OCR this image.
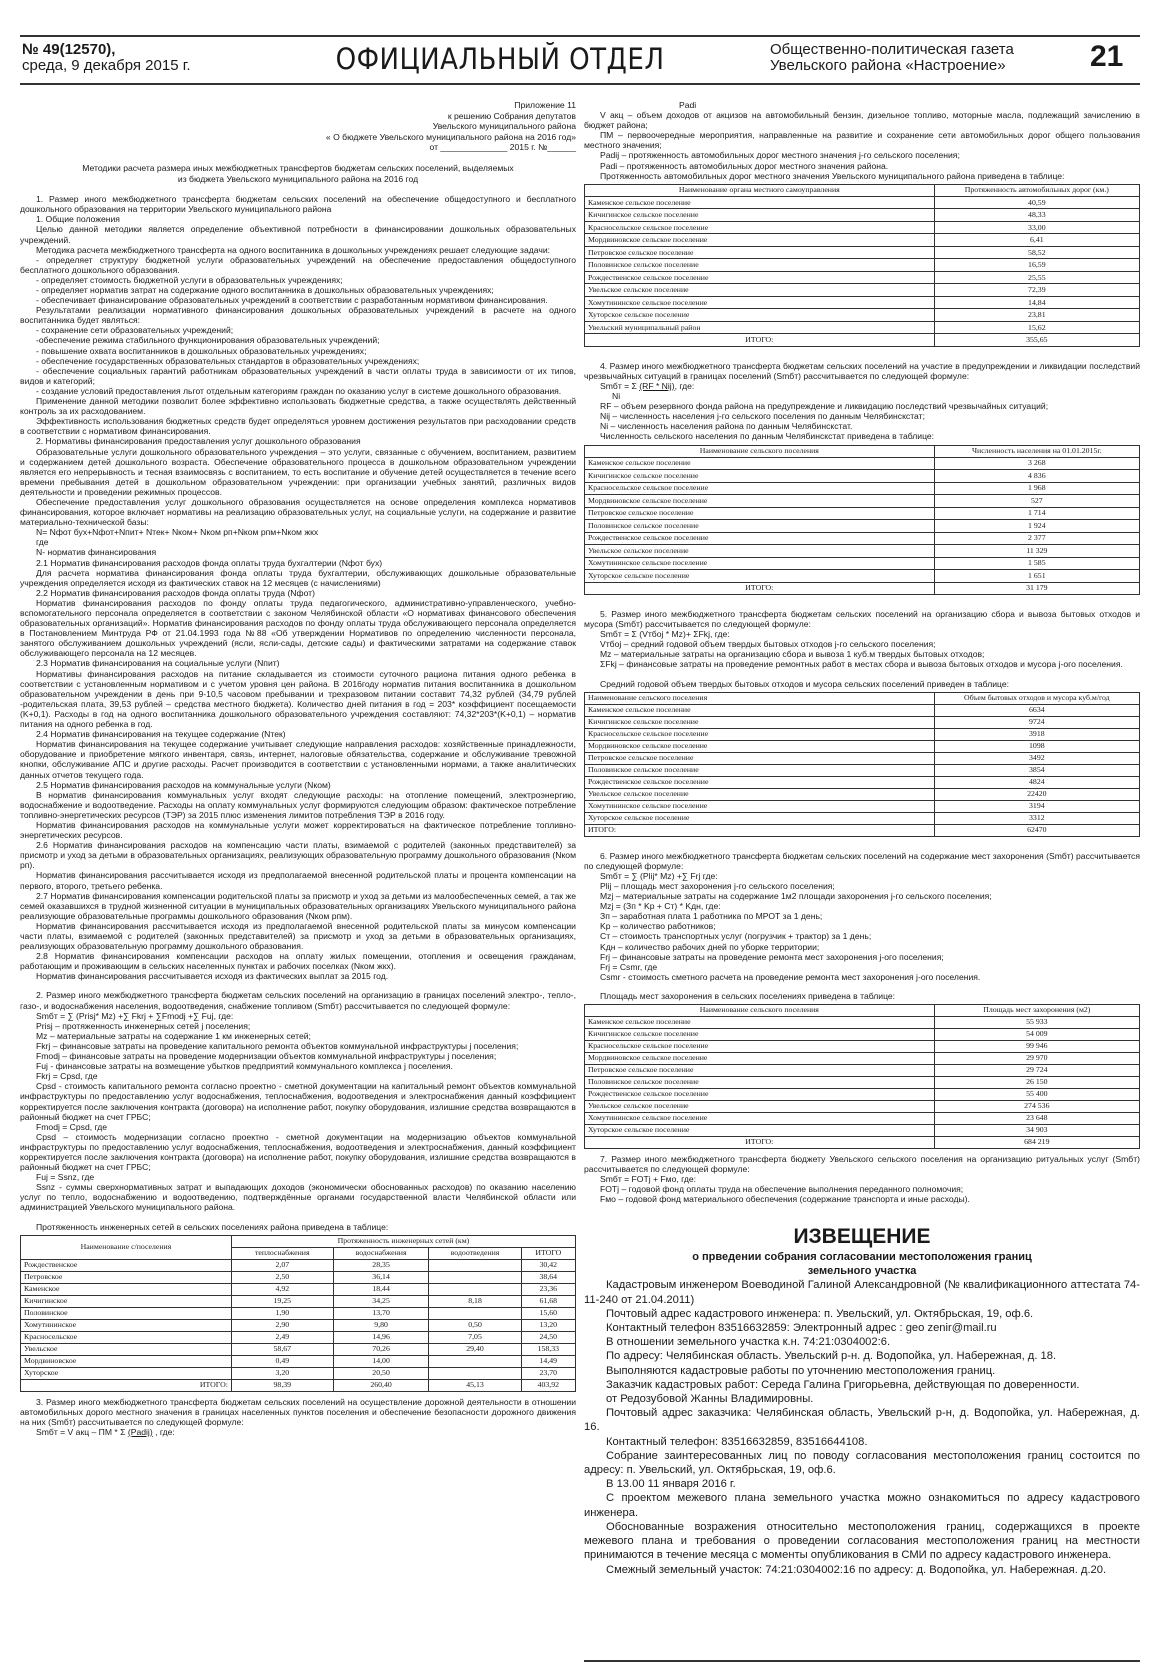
№ 49(12570),
среда, 9 декабря 2015 г.	ОФИЦИАЛЬНЫЙ ОТДЕЛ	Общественно-политическая газета
Увельского района «Настроение»	21
Приложение 11
к решению Собрания депутатов
Увельского муниципального района
« О бюджете Увельского муниципального района на 2016 год»
от ______________ 2015 г. №______
Методики расчета размера иных межбюджетных трансфертов бюджетам сельских поселений, выделяемых
из бюджета Увельского муниципального района на 2016 год

1. Размер иного межбюджетного трансферта бюджетам сельских поселений на обеспечение общедоступного и бесплатного дошкольного образования на территории Увельского муниципального района

1. Общие положения

Целью данной методики является определение объективной потребности в финансировании дошкольных образовательных учреждений.

Методика расчета межбюджетного трансферта на одного воспитанника в дошкольных учреждениях решает следующие задачи:

- определяет структуру бюджетной услуги образовательных учреждений на обеспечение предоставления общедоступного бесплатного дошкольного образования.

- определяет стоимость бюджетной услуги в образовательных учреждениях;

- определяет норматив затрат на содержание одного воспитанника в дошкольных образовательных учреждениях;

- обеспечивает финансирование образовательных учреждений в соответствии с разработанным нормативом финансирования.

Результатами реализации нормативного финансирования дошкольных образовательных учреждений в расчете на одного воспитанника будет являться:

- сохранение сети образовательных учреждений;

-обеспечение режима стабильного функционирования образовательных учреждений;

- повышение охвата воспитанников в дошкольных образовательных учреждениях;

- обеспечение государственных образовательных стандартов в образовательных учреждениях;

- обеспечение социальных гарантий работникам образовательных учреждений в части оплаты труда в зависимости от их типов, видов и категорий;

- создание условий предоставления льгот отдельным категориям граждан по оказанию услуг в системе дошкольного образования.

Применение данной методики позволит более эффективно использовать бюджетные средства, а также осуществлять действенный контроль за их расходованием.

Эффективность использования бюджетных средств будет определяться уровнем достижения результатов при расходовании средств в соответствии с нормативом финансирования.

2. Нормативы финансирования предоставления услуг дошкольного образования

Образовательные услуги дошкольного образовательного учреждения – это услуги, связанные с обучением, воспитанием, развитием и содержанием детей дошкольного возраста. Обеспечение образовательного процесса в дошкольном образовательном учреждении является его непрерывность и тесная взаимосвязь с воспитанием, то есть воспитание и обучение детей осуществляется в течение всего времени пребывания детей в дошкольном образовательном учреждении: при организации учебных занятий, различных видов деятельности и проведении режимных процессов.

Обеспечение предоставления услуг дошкольного образования осуществляется на основе определения комплекса нормативов финансирования, которое включает нормативы на реализацию образовательных услуг, на социальные услуги, на содержание и развитие материально-технической базы:

N= Nфот бух+Nфот+Nпит+ Nтек+ Nком+ Nком рп+Nком рпм+Nком жкх

где

N- норматив финансирования

2.1 Норматив финансирования расходов фонда оплаты труда бухгалтерии (Nфот бух)

Для расчета норматива финансирования фонда оплаты труда бухгалтерии, обслуживающих дошкольные образовательные учреждения определяется исходя из фактических ставок на 12 месяцев (с начислениями)

2.2 Норматив финансирования расходов фонда оплаты труда (Nфот)

Норматив финансирования расходов по фонду оплаты труда педагогического, административно-управленческого, учебно-вспомогательного персонала определяется в соответствии с законом Челябинской области «О нормативах финансового обеспечения образовательных организаций». Норматив финансирования расходов по фонду оплаты труда обслуживающего персонала определяется в Постановлением Минтруда РФ от 21.04.1993 года №88 «Об утверждении Нормативов по определению численности персонала, занятого обслуживанием дошкольных учреждений (ясли, ясли-сады, детские сады) и фактическими затратами на содержание ставок обслуживающего персонала на 12 месяцев.

2.3 Норматив финансирования на социальные услуги (Nпит)

Нормативы финансирования расходов на питание складывается из стоимости суточного рациона питания одного ребенка в соответствии с установленным нормативом и с учетом уровня цен района. В 2016году норматив питания воспитанника в дошкольном образовательном учреждении в день при 9-10,5 часовом пребывании и трехразовом питании составит 74,32 рублей (34,79 рублей -родительская плата, 39,53 рублей – средства местного бюджета). Количество дней питания в год = 203* коэффициент посещаемости (K+0,1). Расходы в год на одного воспитанника дошкольного образовательного учреждения составляют: 74,32*203*(K+0,1) – норматив питания на одного ребенка в год.

2.4 Норматив финансирования на текущее содержание (Nтек)

Норматив финансирования на текущее содержание учитывает следующие направления расходов: хозяйственные принадлежности, оборудование и приобретение мягкого инвентаря, связь, интернет, налоговые обязательства, содержание и обслуживание тревожной кнопки, обслуживание АПС и другие расходы. Расчет производится в соответствии с установленными нормами, а также аналитических данных отчетов текущего года.

2.5 Норматив финансирования расходов на коммунальные услуги (Nком)

В норматив финансирования коммунальных услуг входят следующие расходы: на отопление помещений, электроэнергию, водоснабжение и водоотведение. Расходы на оплату коммунальных услуг формируются следующим образом: фактическое потребление топливно-энергетических ресурсов (ТЭР) за 2015 плюс изменения лимитов потребления ТЭР в 2016 году.

Норматив финансирования расходов на коммунальные услуги может корректироваться на фактическое потребление топливно-энергетических ресурсов.

2.6 Норматив финансирования расходов на компенсацию части платы, взимаемой с родителей (законных представителей) за присмотр и уход за детьми в образовательных организациях, реализующих образовательную программу дошкольного образования (Nком рп).

Норматив финансирования рассчитывается исходя из предполагаемой внесенной родительской платы и процента компенсации на первого, второго, третьего ребенка.

2.7 Норматив финансирования компенсации родительской платы за присмотр и уход за детьми из малообеспеченных семей, а так же семей оказавшихся в трудной жизненной ситуации в муниципальных образовательных организациях Увельского муниципального района реализующие образовательные программы дошкольного образования (Nком рпм).

Норматив финансирования рассчитывается исходя из предполагаемой внесенной родительской платы за минусом компенсации части платы, взимаемой с родителей (законных представителей) за присмотр и уход за детьми в образовательных организациях, реализующих образовательную программу дошкольного образования.

2.8 Норматив финансирования компенсации расходов на оплату жилых помещении, отопления и освещения гражданам, работающим и проживающим в сельских населенных пунктах и рабочих поселках (Nком жкх).

Норматив финансирования рассчитывается исходя из фактических выплат за 2015 год.

2. Размер иного межбюджетного трансферта бюджетам сельских поселений на организацию в границах поселений электро-, тепло-, газо-, и водоснабжения населения, водоотведения, снабжение топливом (Smбт) рассчитывается по следующей формуле:

Smбт = ∑ (Prisj* Mz) +∑ Fkrj + ∑Fmodj +∑ Fuj, где:

Prisj – протяженность инженерных сетей j поселения;

Mz – материальные затраты на содержание 1 км инженерных сетей;

Fkrj – финансовые затраты на проведение капитального ремонта объектов коммунальной инфраструктуры j поселения;

Fmodj – финансовые затраты на проведение модернизации объектов коммунальной инфраструктуры j поселения;

Fuj - финансовые затраты на возмещение убытков предприятий коммунального комплекса j поселения.

Fkrj = Cpsd, где

Cpsd - стоимость капитального ремонта согласно проектно - сметной документации на капитальный ремонт объектов коммунальной инфраструктуры по предоставлению услуг водоснабжения, теплоснабжения, водоотведения и электроснабжения данный коэффициент корректируется после заключения контракта (договора) на исполнение работ, покупку оборудования, излишние средства возвращаются в районный бюджет на счет ГРБС;

Fmodj = Cpsd, где

Cpsd – стоимость модернизации согласно проектно - сметной документации на модернизацию объектов коммунальной инфраструктуры по предоставлению услуг водоснабжения, теплоснабжения, водоотведения и электроснабжения, данный коэффициент корректируется после заключения контракта (договора) на исполнение работ, покупку оборудования, излишние средства возвращаются в районный бюджет на счет ГРБС;

Fuj = Ssnz, где

Ssnz - суммы сверхнормативных затрат и выпадающих доходов (экономически обоснованных расходов) по оказанию населению услуг по тепло, водоснабжению и водоотведению, подтверждённые органами государственной власти Челябинской области или администрацией Увельского муниципального района.

Протяженность инженерных сетей в сельских поселениях района приведена в таблице:

Наименование с/поселения	Протяженность инженерных сетей (км)			
	теплоснабжения	водоснабжения	водоотведения	ИТОГО
Рождественское	2,07	28,35		30,42
Петровское	2,50	36,14		38,64
Каменское	4,92	18,44		23,36
Кичигинское	19,25	34,25	8,18	61,68
Половинское	1,90	13,70		15,60
Хомутининское	2,90	9,80	0,50	13,20
Красносельское	2,49	14,96	7,05	24,50
Увельское	58,67	70,26	29,40	158,33
Мордвиновское	0,49	14,00		14,49
Хуторское	3,20	20,50		23,70
ИТОГО:	98,39	260,40	45,13	403,92

3. Размер иного межбюджетного трансферта бюджетам сельских поселений на осуществление дорожной деятельности в отношении автомобильных дорого местного значения в границах населенных пунктов поселения и обеспечение безопасности дорожного движения на них (Smбт) рассчитывается по следующей формуле:

Smбт = V акц – ПМ * Σ (Padij) , где:

Padi

V акц – объем доходов от акцизов на автомобильный бензин, дизельное топливо, моторные масла, подлежащий зачислению в бюджет района;

ПМ – первоочередные мероприятия, направленные на развитие и сохранение сети автомобильных дорог общего пользования местного значения;

Padij – протяженность автомобильных дорог местного значения j-го сельского поселения;

Padi – протяженность автомобильных дорог местного значения района.

Протяженность автомобильных дорог местного значения Увельского муниципального района приведена в таблице:

Наименование органа местного самоуправления	Протяженность автомобильных дорог (км.)
Каменское сельское поселение	40,59
Кичигинское сельское поселение	48,33
Красносельское сельское поселение	33,00
Мордвиновское сельское поселение	6,41
Петровское сельское поселение	58,52
Половинское сельское поселение	16,59
Рождественское сельское поселение	25,55
Увельское сельское поселение	72,39
Хомутининское сельское поселение	14,84
Хуторское сельское поселение	23,81
Увельский муниципальный район	15,62
ИТОГО:	355,65

4. Размер иного межбюджетного трансферта бюджетам сельских поселений на участие в предупреждении и ликвидации последствий чрезвычайных ситуаций в границах поселений (Smбт) рассчитывается по следующей формуле:

Smбт = Σ (RF * Nij), где:

Ni

RF – объем резервного фонда района на предупреждение и ликвидацию последствий чрезвычайных ситуаций;

Nij – численность населения j-го сельского поселения по данным Челябинскстат;

Ni – численность населения района по данным Челябинскстат.

Численность сельского населения по данным Челябинскстат приведена в таблице:

Наименование сельского поселения	Численность населения на 01.01.2015г.
Каменское сельское поселение	3 268
Кичигинское сельское поселение	4 836
Красносельское сельское поселение	1 968
Мордвиновское сельское поселение	527
Петровское сельское поселение	1 714
Половинское сельское поселение	1 924
Рождественское сельское поселение	2 377
Увельское сельское поселение	11 329
Хомутининское сельское поселение	1 585
Хуторское сельское поселение	1 651
ИТОГО:	31 179

5. Размер иного межбюджетного трансферта бюджетам сельских поселений на организацию сбора и вывоза бытовых отходов и мусора (Smбт) рассчитывается по следующей формуле:

Smбт = Σ (Vтбоj * Mz)+ ΣFkj, где:

Vтбоj – средний годовой объем твердых бытовых отходов j-го сельского поселения;

Mz – материальные затраты на организацию сбора и вывоза 1 куб.м твердых бытовых отходов;

ΣFkj – финансовые затраты на проведение ремонтных работ в местах сбора и вывоза бытовых отходов и мусора j-ого поселения.

Средний годовой объем твердых бытовых отходов и мусора сельских поселений приведен в таблице:

Наименование сельского поселения	Объем бытовых отходов и мусора куб.м/год
Каменское сельское поселение	6634
Кичигинское сельское поселение	9724
Красносельское сельское поселение	3918
Мордвиновское сельское поселение	1098
Петровское сельское поселение	3492
Половинское сельское поселение	3854
Рождественское сельское поселение	4824
Увельское сельское поселение	22420
Хомутининское сельское поселение	3194
Хуторское сельское поселение	3312
ИТОГО:	62470

6. Размер иного межбюджетного трансферта бюджетам сельских поселений на содержание мест захоронения (Smбт) рассчитывается по следующей формуле:

Smбт = ∑ (Plij* Mz) +∑ Frj где:

Plij – площадь мест захоронения j-го сельского поселения;

Mzj – материальные затраты на содержание 1м2 площади захоронения j-го сельского поселения;

Mzj = (Зп * Kp + Cт) * Kдн, где:

Зп – заработная плата 1 работника по МРОТ за 1 день;

Kp – количество работников;

Cт – стоимость транспортных услуг (погрузчик + трактор) за 1 день;

Kдн – количество рабочих дней по уборке территории;

Frj – финансовые затраты на проведение ремонта мест захоронения j-ого поселения;

Frj = Csmr, где

Csmr - стоимость сметного расчета на проведение ремонта мест захоронения j-ого поселения.

Площадь мест захоронения в сельских поселениях приведена в таблице:

Наименование сельского поселения	Площадь мест захоронения (м2)
Каменское сельское поселение	55 933
Кичигинское сельское поселение	54 009
Красносельское сельское поселение	99 946
Мордвиновское сельское поселение	29 970
Петровское сельское поселение	29 724
Половинское сельское поселение	26 150
Рождественское сельское поселение	55 400
Увельское сельское поселение	274 536
Хомутининское сельское поселение	23 648
Хуторское сельское поселение	34 903
ИТОГО:	684 219

7. Размер иного межбюджетного трансферта бюджету Увельского сельского поселения на организацию ритуальных услуг (Smбт) рассчитывается по следующей формуле:

Smбт = FOTj + Fмо, где:

FOTj – годовой фонд оплаты труда на обеспечение выполнения переданного полномочия;

Fмо – годовой фонд материального обеспечения (содержание транспорта и иные расходы).

ИЗВЕЩЕНИЕ
о прведении собрания согласовании местоположения границ
земельного участка

Кадастровым инженером Воеводиной Галиной Александровной (№ квалификационного аттестата 74-11-240 от 21.04.2011)

Почтовый адрес кадастрового инженера: п. Увельский, ул. Октябрьская, 19, оф.6.

Контактный телефон 83516632859: Электронный адрес : geo zenir@mail.ru

В отношении земельного участка к.н. 74:21:0304002:6.

По адресу: Челябинская область. Увельский р-н. д. Водопойка, ул. Набережная, д. 18.

Выполняются кадастровые работы по уточнению местоположения границ.

Заказчик кадастровых работ: Середа Галина Григорьевна, действующая по доверенности.

от Редозубовой Жанны Владимировны.

Почтовый адрес заказчика: Челябинская область, Увельский р-н, д. Водопойка, ул. Набережная, д. 16.

Контактный телефон: 83516632859, 83516644108.

Собрание заинтересованных лиц по поводу согласования местоположения границ состоится по адресу: п. Увельский, ул. Октябрьская, 19, оф.6.

В 13.00 11 января 2016 г.

С проектом межевого плана земельного участка можно ознакомиться по адресу кадастрового инженера.

Обоснованные возражения относительно местоположения границ, содержащихся в проекте межевого плана и требования о проведении согласования местоположения границ на местности принимаются в течение месяца с моменты опубликования в СМИ по адресу кадастрового инженера.

Смежный земельный участок: 74:21:0304002:16 по адресу: д. Водопойка, ул. Набережная. д.20.
